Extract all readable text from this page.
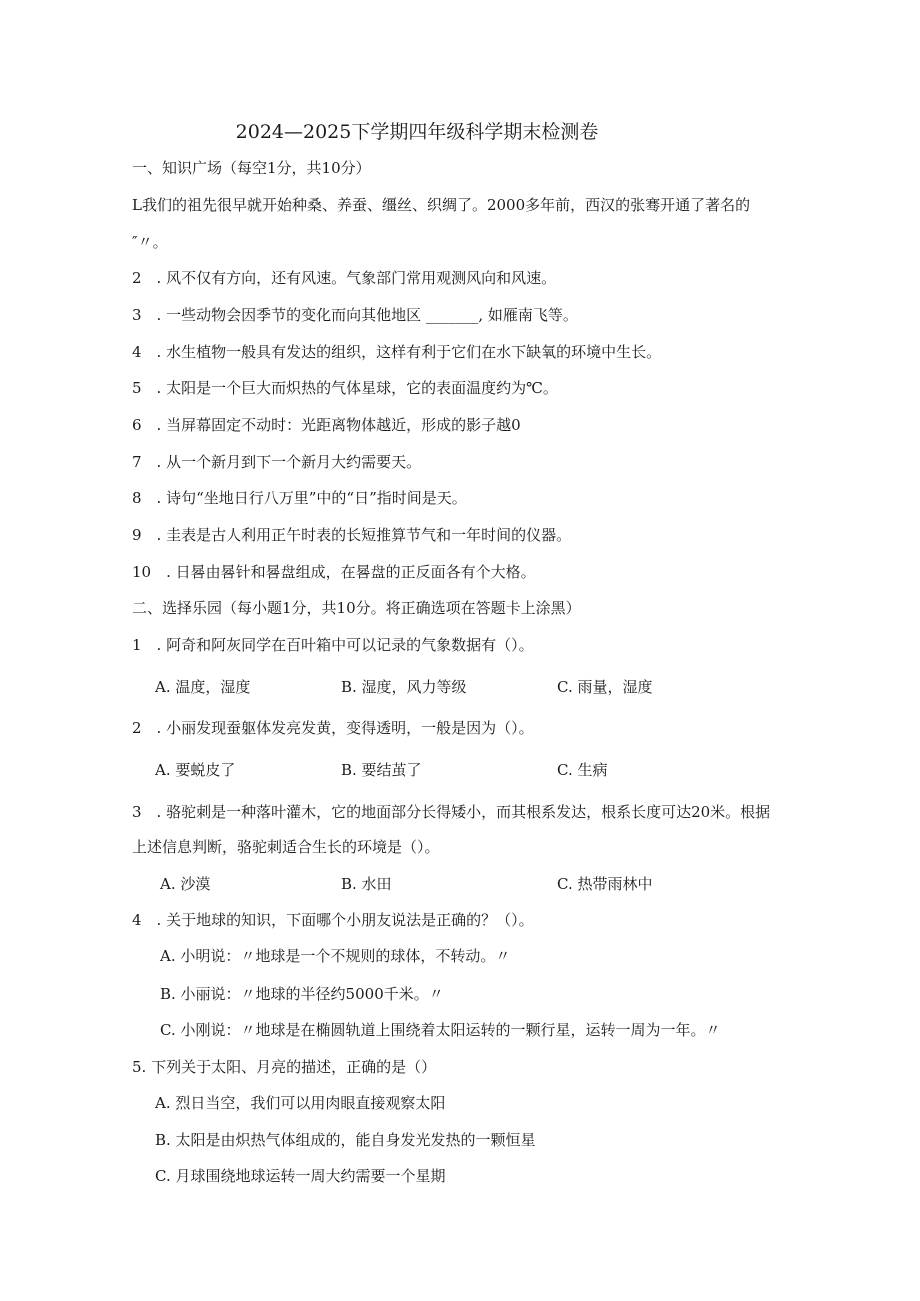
2024—2025下学期四年级科学期末检测卷
一、知识广场（每空1分，共10分）
L我们的祖先很早就开始种桑、养蚕、缰丝、织绸了。2000多年前，西汉的张骞开通了著名的
″〃。
2　. 风不仅有方向，还有风速。气象部门常用观测风向和风速。
3　. 一些动物会因季节的变化而向其他地区 _______, 如雁南飞等。
4　. 水生植物一般具有发达的组织，这样有利于它们在水下缺氧的环境中生长。
5　. 太阳是一个巨大而炽热的气体星球，它的表面温度约为℃。
6　. 当屏幕固定不动时：光距离物体越近，形成的影子越0
7　. 从一个新月到下一个新月大约需要天。
8　. 诗句“坐地日行八万里”中的“日”指时间是天。
9　. 圭表是古人利用正午时表的长短推算节气和一年时间的仪器。
10　. 日晷由晷针和晷盘组成，在晷盘的正反面各有个大格。
二、选择乐园（每小题1分，共10分。将正确选项在答题卡上涂黑）
1　. 阿奇和阿灰同学在百叶箱中可以记录的气象数据有（）。
A. 温度，湿度	B. 湿度，风力等级	C. 雨量，湿度
2　. 小丽发现蚕躯体发亮发黄，变得透明，一般是因为（）。
A. 要蜕皮了	B. 要结茧了	C. 生病
3　. 骆驼刺是一种落叶灌木，它的地面部分长得矮小，而其根系发达，根系长度可达20米。根据
上述信息判断，骆驼刺适合生长的环境是（）。
A. 沙漠	B. 水田	C. 热带雨林中
4　. 关于地球的知识，下面哪个小朋友说法是正确的？（）。
A. 小明说：〃地球是一个不规则的球体，不转动。〃
B. 小丽说：〃地球的半径约5000千米。〃
C. 小刚说：〃地球是在椭圆轨道上围绕着太阳运转的一颗行星，运转一周为一年。〃
5. 下列关于太阳、月亮的描述，正确的是（）
A. 烈日当空，我们可以用肉眼直接观察太阳
B. 太阳是由炽热气体组成的，能自身发光发热的一颗恒星
C. 月球围绕地球运转一周大约需要一个星期
